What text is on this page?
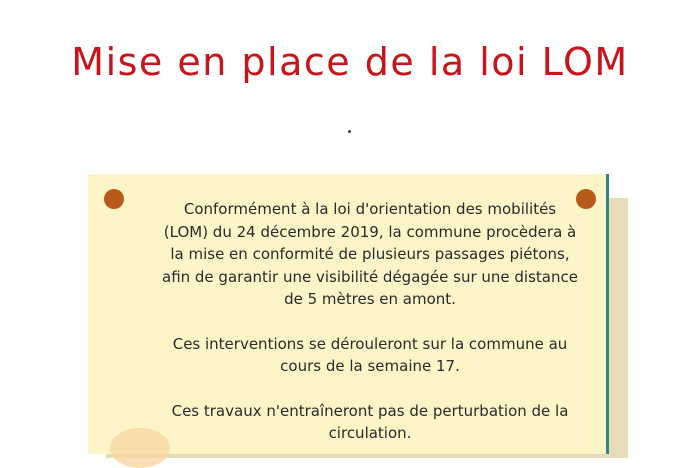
Mise en place de la loi LOM

Conformément à la loi d'orientation des mobilités (LOM) du 24 décembre 2019, la commune procèdera à la mise en conformité de plusieurs passages piétons, afin de garantir une visibilité dégagée sur une distance de 5 mètres en amont.

Ces interventions se dérouleront sur la commune au cours de la semaine 17.

Ces travaux n'entraîneront pas de perturbation de la circulation.
